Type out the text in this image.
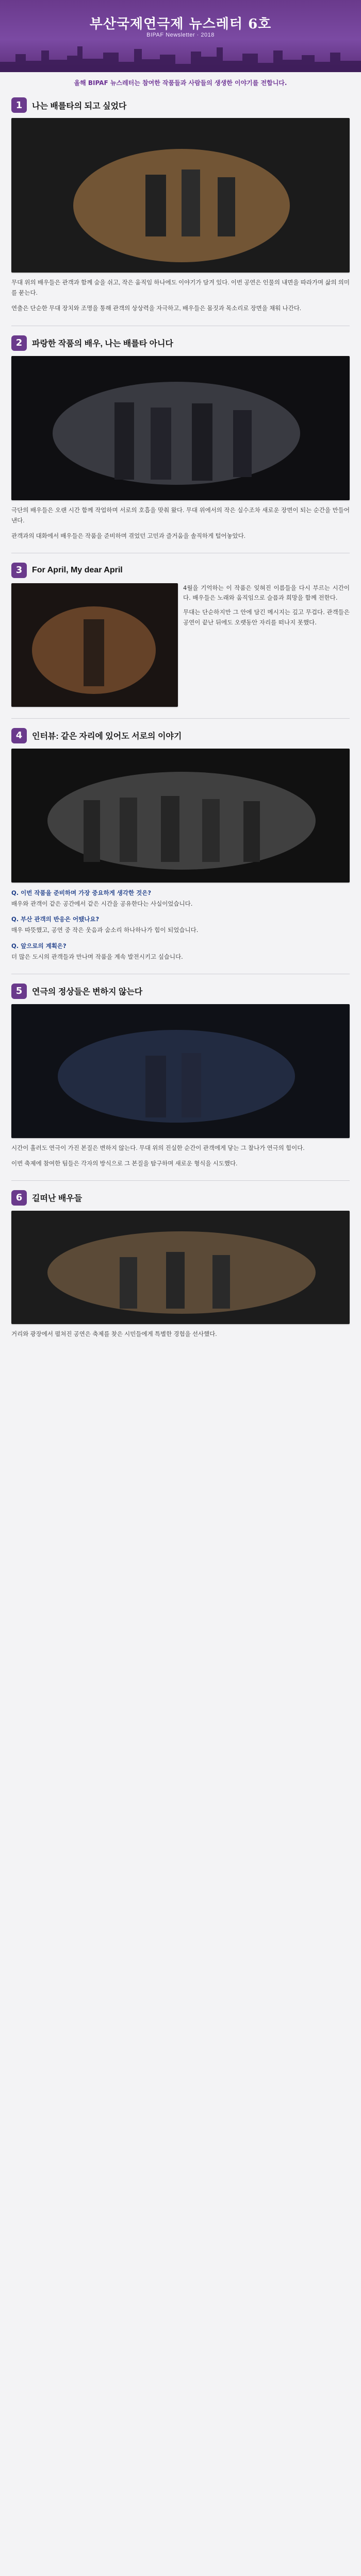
부산국제연극제 뉴스레터 6호
BIPAF Newsletter · 2018
올해 BIPAF 뉴스레터는 참여한 작품들과 사람들의 생생한 이야기를 전합니다.
1	나는 배를타의 되고 싶었다
무대 위의 배우들은 관객과 함께 숨을 쉬고, 작은 움직임 하나에도 이야기가 담겨 있다. 이번 공연은 인물의 내면을 따라가며 삶의 의미를 묻는다.
연출은 단순한 무대 장치와 조명을 통해 관객의 상상력을 자극하고, 배우들은 몸짓과 목소리로 장면을 채워 나간다.
2	파랑한 작품의 배우, 나는 배를타 아니다
극단의 배우들은 오랜 시간 함께 작업하며 서로의 호흡을 맞춰 왔다. 무대 위에서의 작은 실수조차 새로운 장면이 되는 순간을 만들어 낸다.
관객과의 대화에서 배우들은 작품을 준비하며 겪었던 고민과 즐거움을 솔직하게 털어놓았다.
3	For April, My dear April
4월을 기억하는 이 작품은 잊혀진 이름들을 다시 부르는 시간이다. 배우들은 노래와 움직임으로 슬픔과 희망을 함께 전한다.
무대는 단순하지만 그 안에 담긴 메시지는 깊고 무겁다. 관객들은 공연이 끝난 뒤에도 오랫동안 자리를 떠나지 못했다.
4	인터뷰: 같은 자리에 있어도 서로의 이야기
Q. 이번 작품을 준비하며 가장 중요하게 생각한 것은?
배우와 관객이 같은 공간에서 같은 시간을 공유한다는 사실이었습니다.
Q. 부산 관객의 반응은 어땠나요?
매우 따뜻했고, 공연 중 작은 웃음과 숨소리 하나하나가 힘이 되었습니다.
Q. 앞으로의 계획은?
더 많은 도시의 관객들과 만나며 작품을 계속 발전시키고 싶습니다.
5	연극의 정상들은 변하지 않는다
시간이 흘러도 연극이 가진 본질은 변하지 않는다. 무대 위의 진실한 순간이 관객에게 닿는 그 찰나가 연극의 힘이다.
이번 축제에 참여한 팀들은 각자의 방식으로 그 본질을 탐구하며 새로운 형식을 시도했다.
6	길떠난 배우들
거리와 광장에서 펼쳐진 공연은 축제를 찾은 시민들에게 특별한 경험을 선사했다.
